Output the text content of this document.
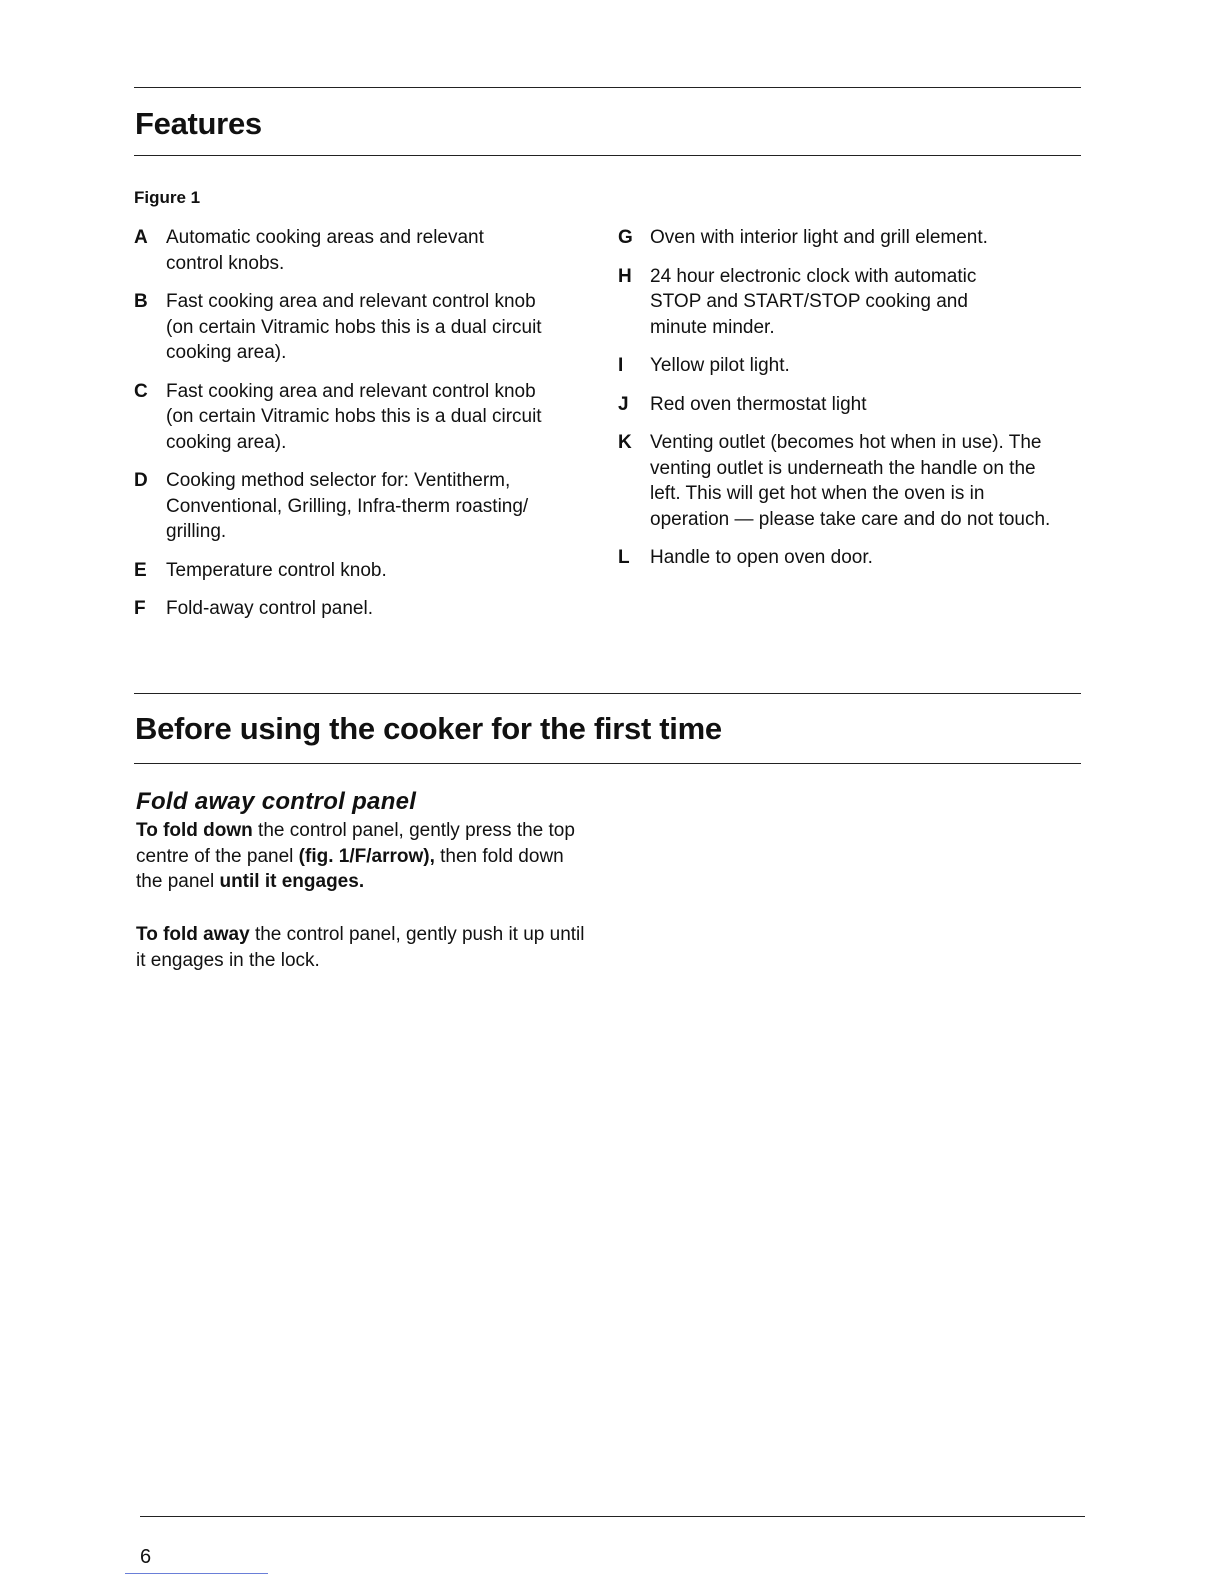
Features
Figure 1
A Automatic cooking areas and relevant control knobs.
B Fast cooking area and relevant control knob (on certain Vitramic hobs this is a dual circuit cooking area).
C Fast cooking area and relevant control knob (on certain Vitramic hobs this is a dual circuit cooking area).
D Cooking method selector for: Ventitherm, Conventional, Grilling, Infra-therm roasting/ grilling.
E	Temperature control knob.
F	Fold-away control panel.
G Oven with interior light and grill element.
H 24 hour electronic clock with automatic STOP and START/STOP cooking and minute minder.
I	Yellow pilot light.
J	Red oven thermostat light
K Venting outlet (becomes hot when in use). The venting outlet is underneath the handle on the left. This will get hot when the oven is in operation — please take care and do not touch.
L	Handle to open oven door.
Before using the cooker for the first time
Fold away control panel

To fold down the control panel, gently press the top centre of the panel (fig. 1/F/arrow), then fold down the panel until it engages.

To fold away the control panel, gently push it up until it engages in the lock.

6
